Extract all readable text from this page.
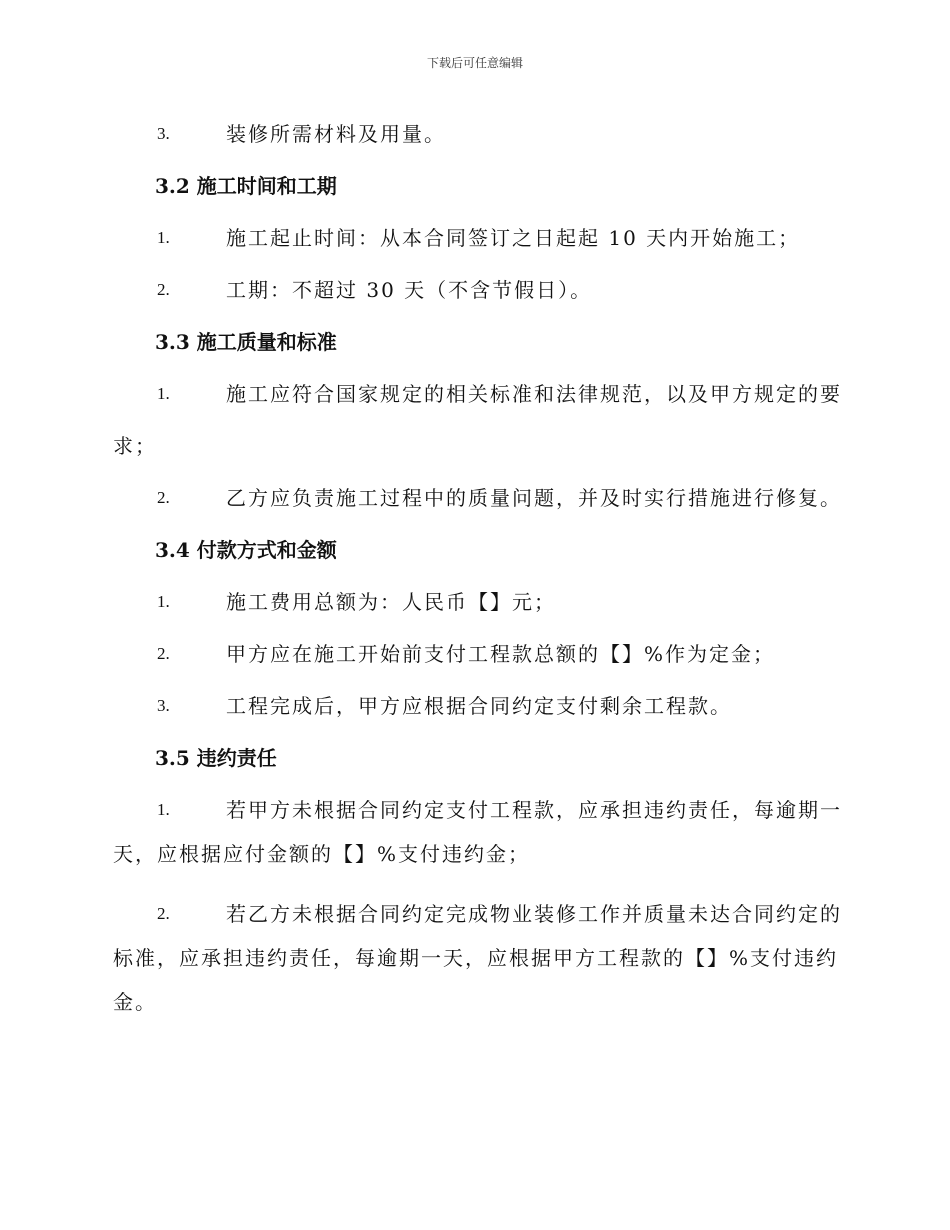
下载后可任意编辑
3.	装修所需材料及用量。
3.2 施工时间和工期
1.	施工起止时间：从本合同签订之日起起 10 天内开始施工；
2.	工期：不超过 30 天（不含节假日）。
3.3 施工质量和标准
1.	施工应符合国家规定的相关标准和法律规范，以及甲方规定的要
求；
2.	乙方应负责施工过程中的质量问题，并及时实行措施进行修复。
3.4 付款方式和金额
1.	施工费用总额为：人民币【】元；
2.	甲方应在施工开始前支付工程款总额的【】%作为定金；
3.	工程完成后，甲方应根据合同约定支付剩余工程款。
3.5 违约责任
1.	若甲方未根据合同约定支付工程款，应承担违约责任，每逾期一
天，应根据应付金额的【】%支付违约金；
2.	若乙方未根据合同约定完成物业装修工作并质量未达合同约定的
标准，应承担违约责任，每逾期一天，应根据甲方工程款的【】%支付违约
金。
